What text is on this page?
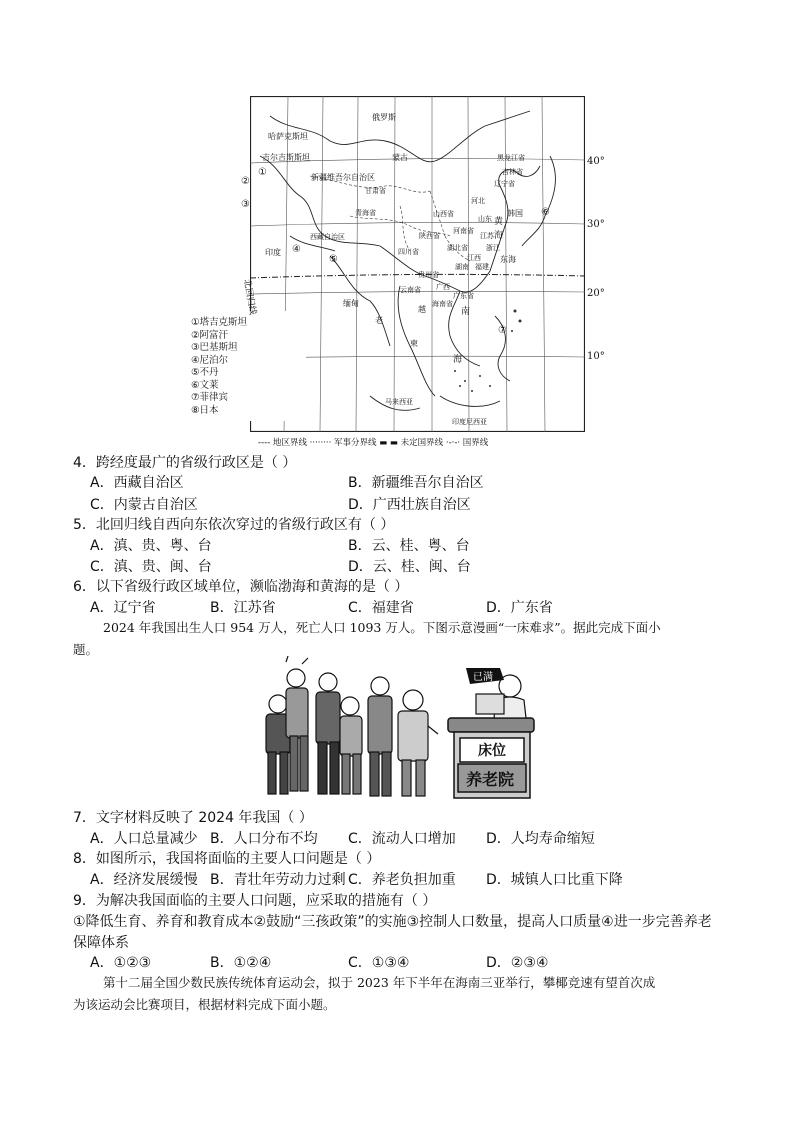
俄罗斯
哈萨克斯坦
吉尔吉斯斯坦	蒙古
新疆维吾尔自治区
甘肃省
青海省
西藏自治区
四川省
贵州省
云南省
湖南 福建
广东省
海南省
印度
缅甸
老
越
柬
南
海
黄
海
韩国
东海
辽宁省
吉林省
黑龙江省
河北
山东
山西省
河南省
陕西省
湖北省
江苏
浙江
江西
广西
北回归线
马来西亚
印度尼西亚
①
②
③
④
⑤
⑥
⑦
①塔吉克斯坦
②阿富汗
③巴基斯坦
④尼泊尔
⑤不丹
⑥文莱
⑦菲律宾
⑧日本
---- 地区界线 ········ 军事分界线 ▬ ▬ 未定国界线 ·-·-· 国界线
4．跨经度最广的省级行政区是（ ）
A．西藏自治区	B．新疆维吾尔自治区
C．内蒙古自治区	D．广西壮族自治区
5．北回归线自西向东依次穿过的省级行政区有（ ）
A．滇、贵、粤、台	B．云、桂、粤、台
C．滇、贵、闽、台	D．云、桂、闽、台
6．以下省级行政区域单位，濒临渤海和黄海的是（ ）
A．辽宁省	B．江苏省	C．福建省	D．广东省
2024 年我国出生人口 954 万人，死亡人口 1093 万人。下图示意漫画“一床难求”。据此完成下面小
题。
已满
床位
养老院
7．文字材料反映了 2024 年我国（ ）
A．人口总量减少 B．人口分布不均 C．流动人口增加 D．人均寿命缩短
8．如图所示，我国将面临的主要人口问题是（ ）
A．经济发展缓慢 B．青壮年劳动力过剩 C．养老负担加重 D．城镇人口比重下降
9．为解决我国面临的主要人口问题，应采取的措施有（ ）
①降低生育、养育和教育成本②鼓励“三孩政策”的实施③控制人口数量，提高人口质量④进一步完善养老
保障体系
A．①②③	B．①②④	C．①③④	D．②③④
第十二届全国少数民族传统体育运动会，拟于 2023 年下半年在海南三亚举行，攀椰竞速有望首次成
为该运动会比赛项目，根据材料完成下面小题。
40°
30°
20°
10°
